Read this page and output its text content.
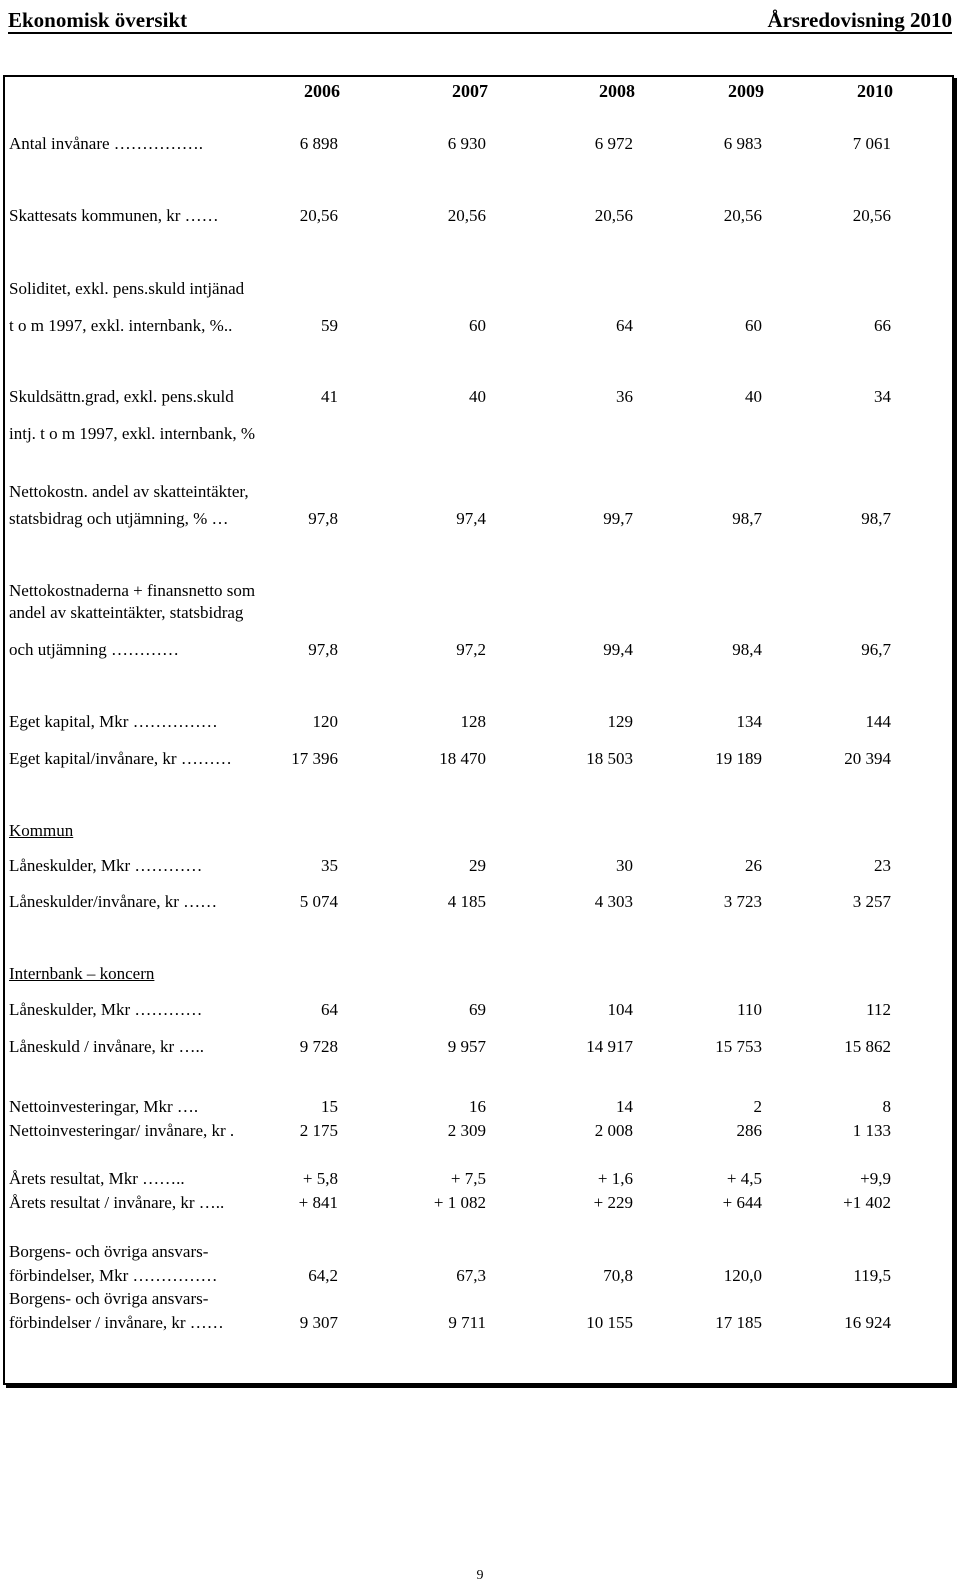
Ekonomisk översikt	Årsredovisning 2010
2006	2007	2008	2009	2010
Antal invånare …………….	6 898	6 930	6 972	6 983	7 061
Skattesats kommunen, kr ……	20,56	20,56	20,56	20,56	20,56
Soliditet, exkl. pens.skuld intjänad
t o m 1997, exkl. internbank, %..	59	60	64	60	66
Skuldsättn.grad, exkl. pens.skuld	41	40	36	40	34
intj. t o m 1997, exkl. internbank, %
Nettokostn. andel av skatteintäkter,
statsbidrag och utjämning, % …	97,8	97,4	99,7	98,7	98,7
Nettokostnaderna + finansnetto som
andel av skatteintäkter, statsbidrag
och utjämning …………	97,8	97,2	99,4	98,4	96,7
Eget kapital, Mkr ……………	120	128	129	134	144
Eget kapital/invånare, kr ………	17 396	18 470	18 503	19 189	20 394
Kommun
Låneskulder, Mkr …………	35	29	30	26	23
Låneskulder/invånare, kr ……	5 074	4 185	4 303	3 723	3 257
Internbank – koncern
Låneskulder, Mkr …………	64	69	104	110	112
Låneskuld / invånare, kr …..	9 728	9 957	14 917	15 753	15 862
Nettoinvesteringar, Mkr ….	15	16	14	2	8
Nettoinvesteringar/ invånare, kr .	2 175	2 309	2 008	286	1 133
Årets resultat, Mkr ……..	+ 5,8	+ 7,5	+ 1,6	+ 4,5	+9,9
Årets resultat / invånare, kr …..	+ 841	+ 1 082	+ 229	+ 644	+1 402
Borgens- och övriga ansvars-
förbindelser, Mkr ……………	64,2	67,3	70,8	120,0	119,5
Borgens- och övriga ansvars-
förbindelser / invånare, kr ……	9 307	9 711	10 155	17 185	16 924
9
